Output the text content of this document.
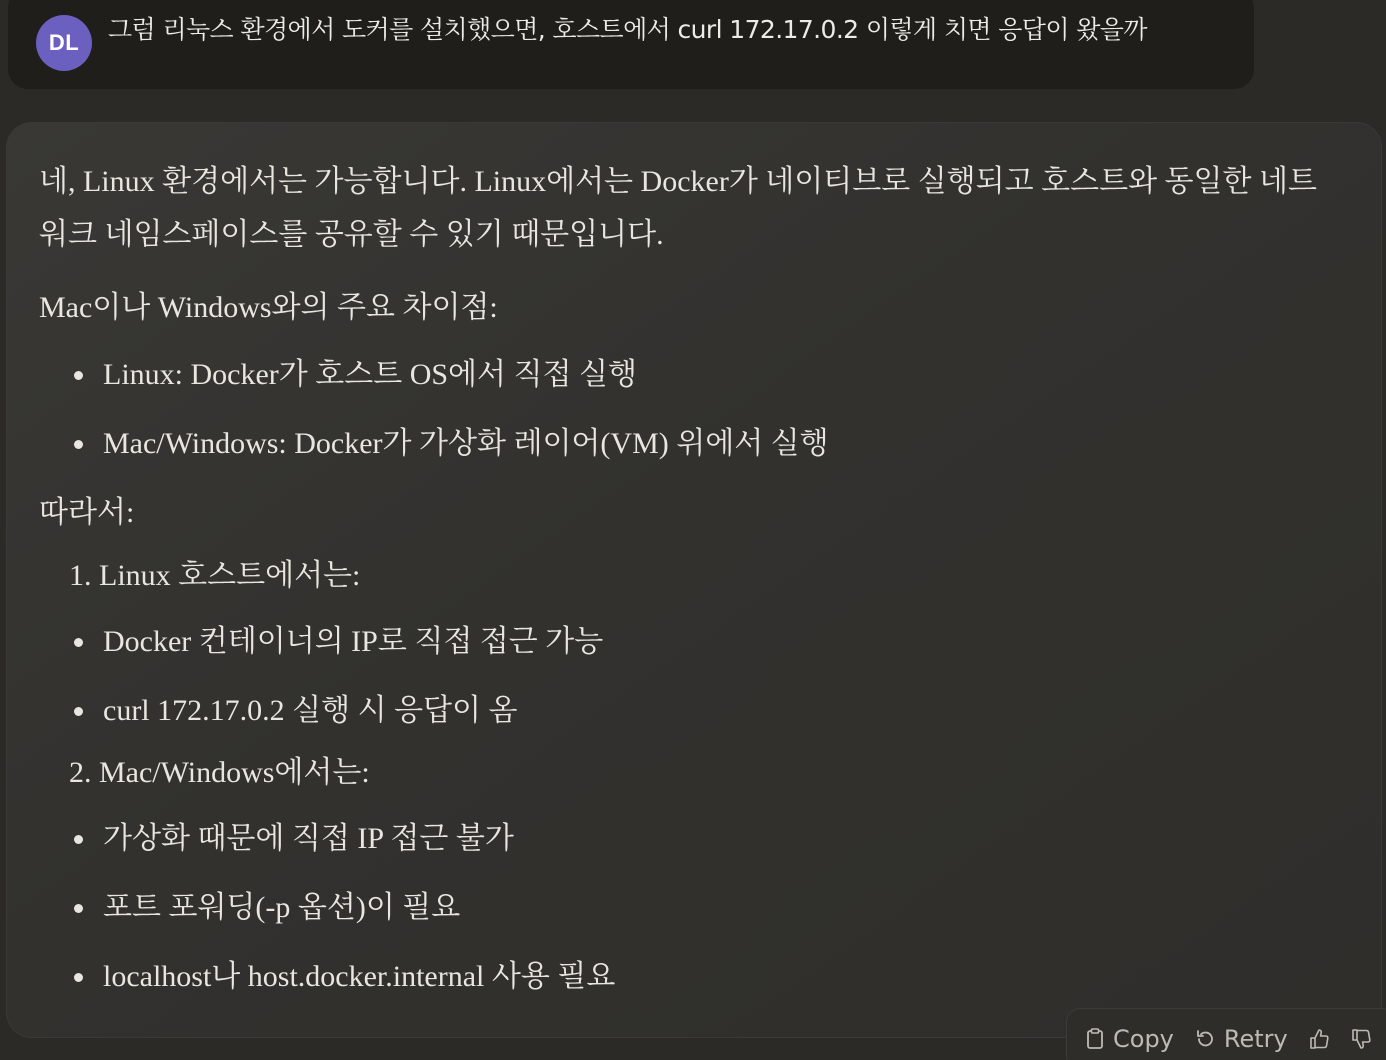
DL	그럼 리눅스 환경에서 도커를 설치했으면, 호스트에서 curl 172.17.0.2 이렇게 치면 응답이 왔을까

네, Linux 환경에서는 가능합니다. Linux에서는 Docker가 네이티브로 실행되고 호스트와 동일한 네트

워크 네임스페이스를 공유할 수 있기 때문입니다.

Mac이나 Windows와의 주요 차이점:
Linux: Docker가 호스트 OS에서 직접 실행
Mac/Windows: Docker가 가상화 레이어(VM) 위에서 실행
따라서:
1. Linux 호스트에서는:
Docker 컨테이너의 IP로 직접 접근 가능
curl 172.17.0.2 실행 시 응답이 옴
2. Mac/Windows에서는:
가상화 때문에 직접 IP 접근 불가
포트 포워딩(-p 옵션)이 필요
localhost나 host.docker.internal 사용 필요
Copy Retry
